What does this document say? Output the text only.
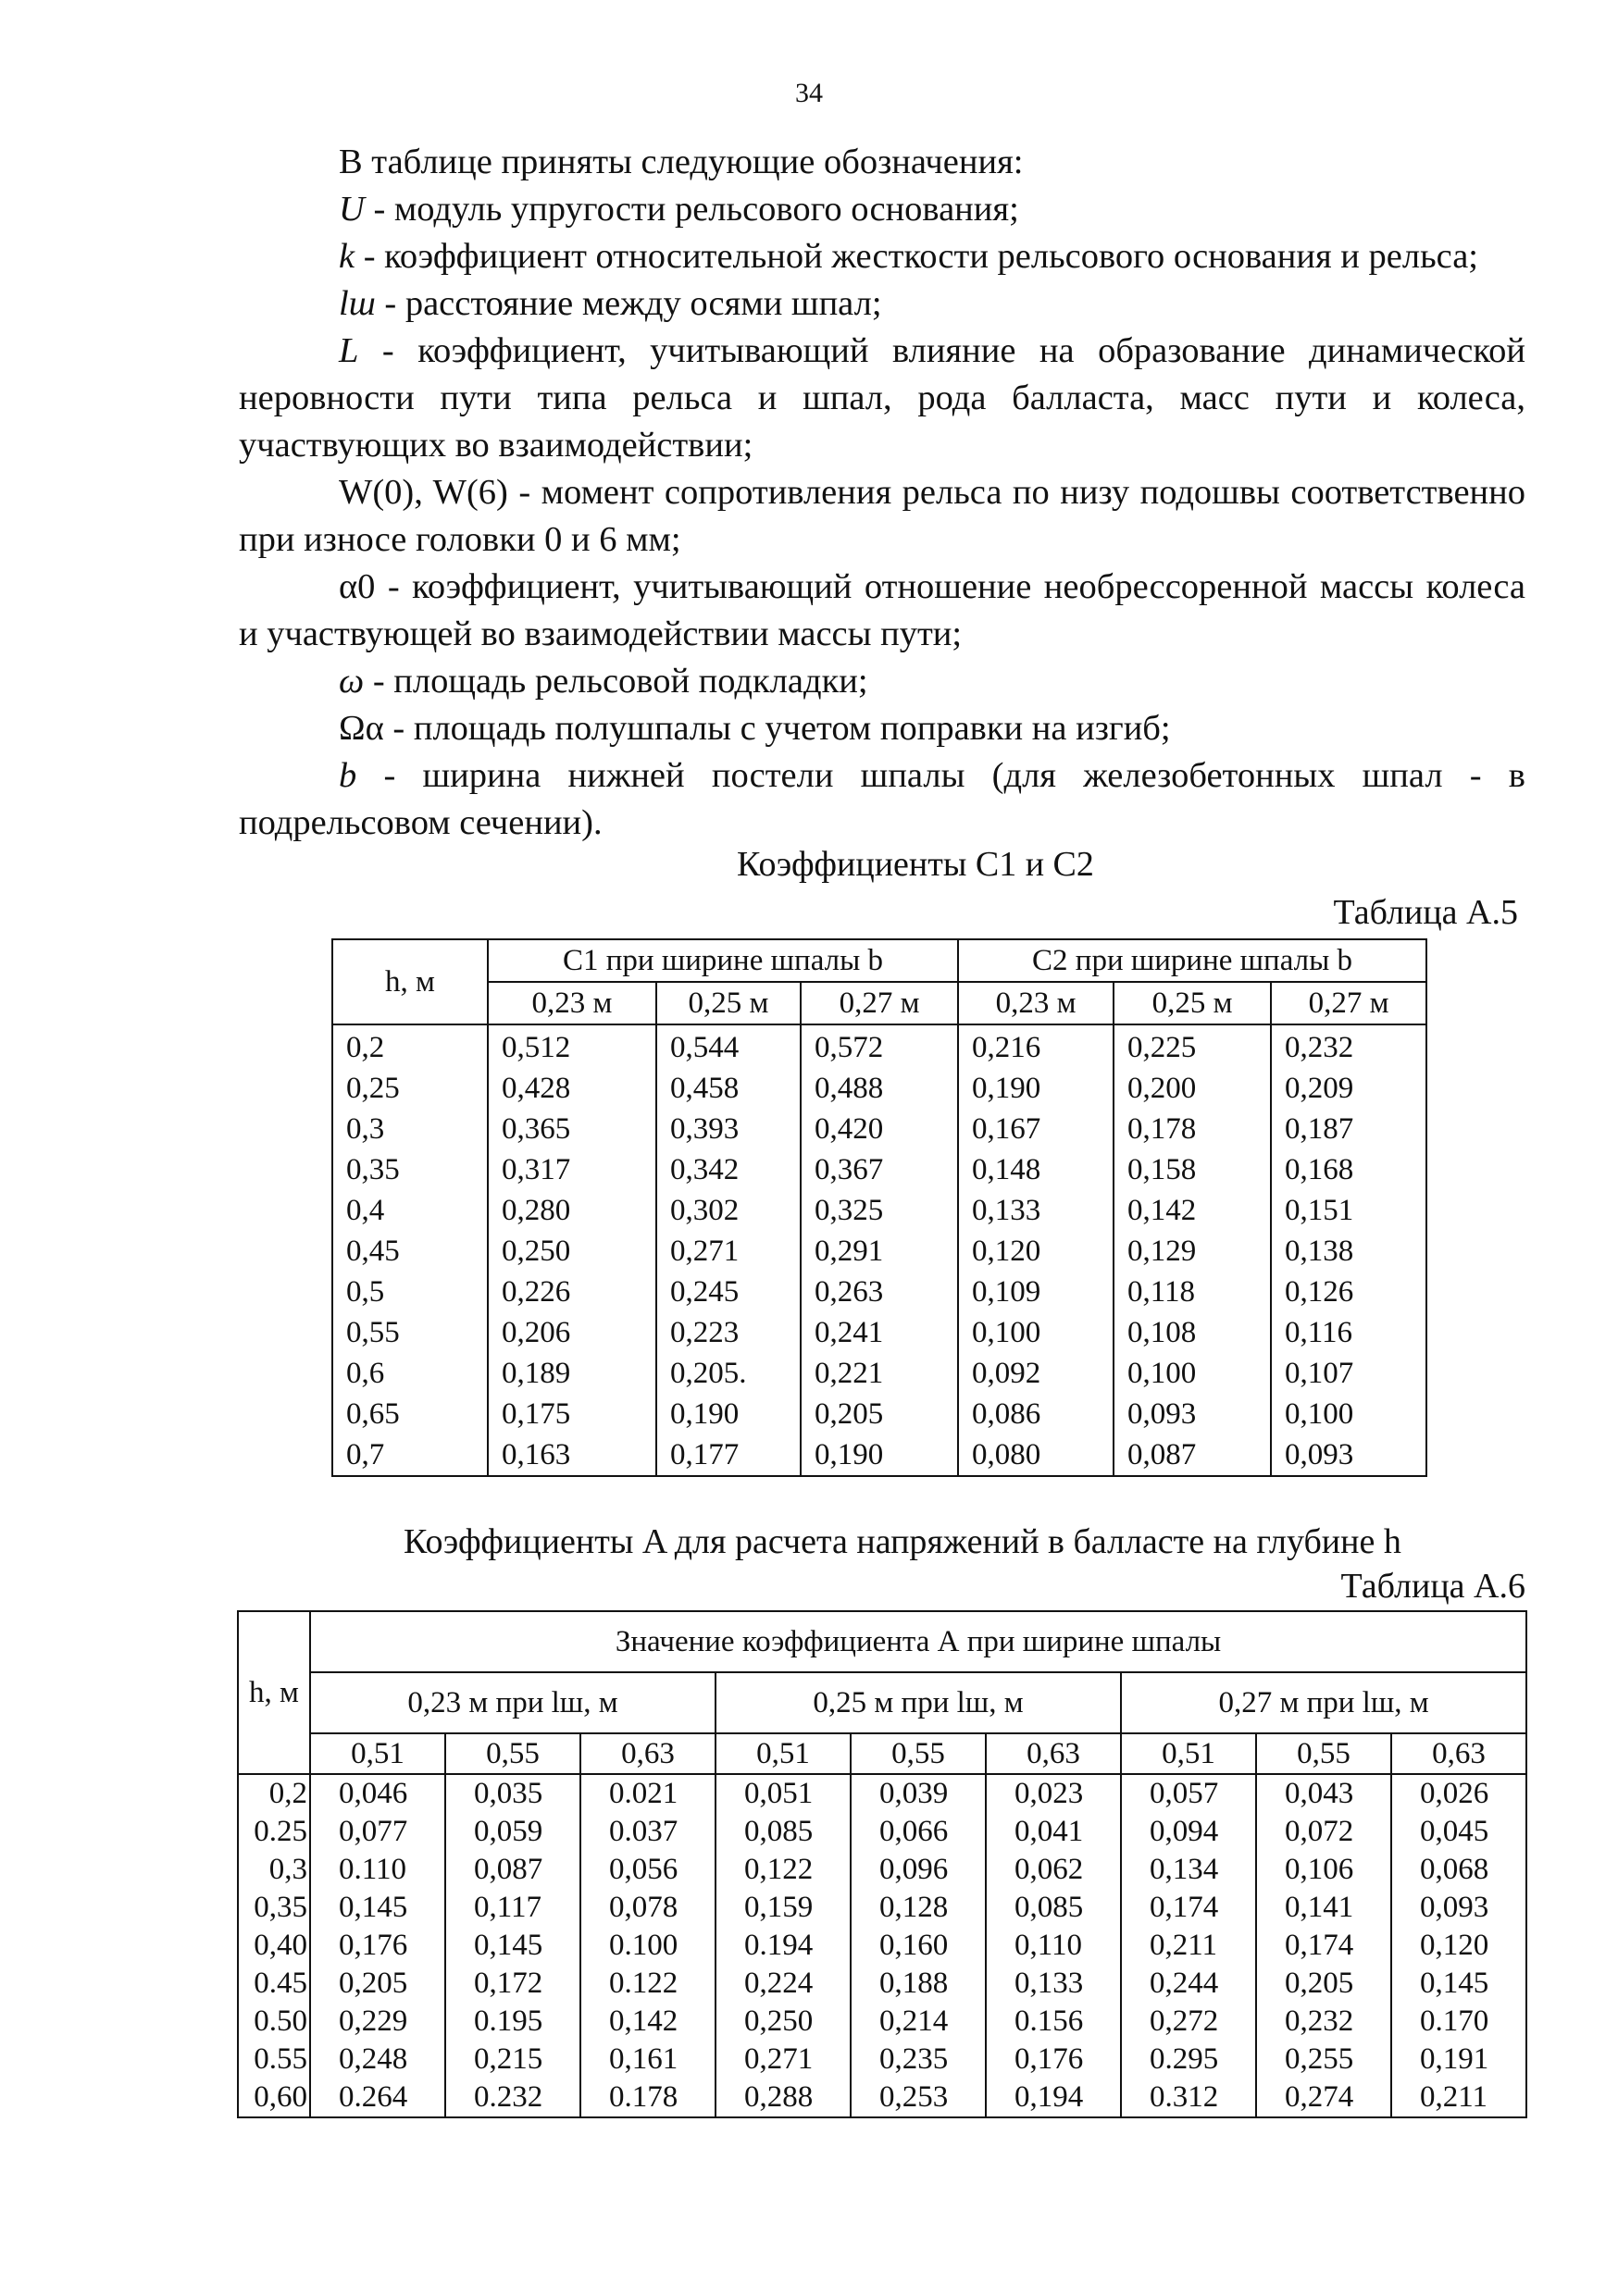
34

В таблице приняты следующие обозначения:

U - модуль упругости рельсового основания;

k - коэффициент относительной жесткости рельсового основания и рельса;

lш - расстояние между осями шпал;

L - коэффициент, учитывающий влияние на образование динамической неровности пути типа рельса и шпал, рода балласта, масс пути и колеса, участвующих во взаимодействии;

W(0), W(6) - момент сопротивления рельса по низу подошвы соответственно при износе головки 0 и 6 мм;

α0 - коэффициент, учитывающий отношение необрессоренной массы колеса и участвующей во взаимодействии массы пути;

ω - площадь рельсовой подкладки;

Ωα - площадь полушпалы с учетом поправки на изгиб;

b - ширина нижней постели шпалы (для железобетонных шпал - в подрельсовом сечении).

Коэффициенты C1 и C2
Таблица А.5
h, м	C1 при ширине шпалы b			C2 при ширине шпалы b		
	0,23 м	0,25 м	0,27 м	0,23 м	0,25 м	0,27 м
0,2	0,512	0,544	0,572	0,216	0,225	0,232
0,25	0,428	0,458	0,488	0,190	0,200	0,209
0,3	0,365	0,393	0,420	0,167	0,178	0,187
0,35	0,317	0,342	0,367	0,148	0,158	0,168
0,4	0,280	0,302	0,325	0,133	0,142	0,151
0,45	0,250	0,271	0,291	0,120	0,129	0,138
0,5	0,226	0,245	0,263	0,109	0,118	0,126
0,55	0,206	0,223	0,241	0,100	0,108	0,116
0,6	0,189	0,205.	0,221	0,092	0,100	0,107
0,65	0,175	0,190	0,205	0,086	0,093	0,100
0,7	0,163	0,177	0,190	0,080	0,087	0,093
Коэффициенты A для расчета напряжений в балласте на глубине h
Таблица А.6
h, м	Значение коэффициента А при ширине шпалы								
	0,23 м при lш, м			0,25 м при lш, м			0,27 м при lш, м		
	0,51	0,55	0,63	0,51	0,55	0,63	0,51	0,55	0,63
0,2	0,046	0,035	0.021	0,051	0,039	0,023	0,057	0,043	0,026
0.25	0,077	0,059	0.037	0,085	0,066	0,041	0,094	0,072	0,045
0,3	0.110	0,087	0,056	0,122	0,096	0,062	0,134	0,106	0,068
0,35	0,145	0,117	0,078	0,159	0,128	0,085	0,174	0,141	0,093
0,40	0,176	0,145	0.100	0.194	0,160	0,110	0,211	0,174	0,120
0.45	0,205	0,172	0.122	0,224	0,188	0,133	0,244	0,205	0,145
0.50	0,229	0.195	0,142	0,250	0,214	0.156	0,272	0,232	0.170
0.55	0,248	0,215	0,161	0,271	0,235	0,176	0.295	0,255	0,191
0,60	0.264	0.232	0.178	0,288	0,253	0,194	0.312	0,274	0,211
